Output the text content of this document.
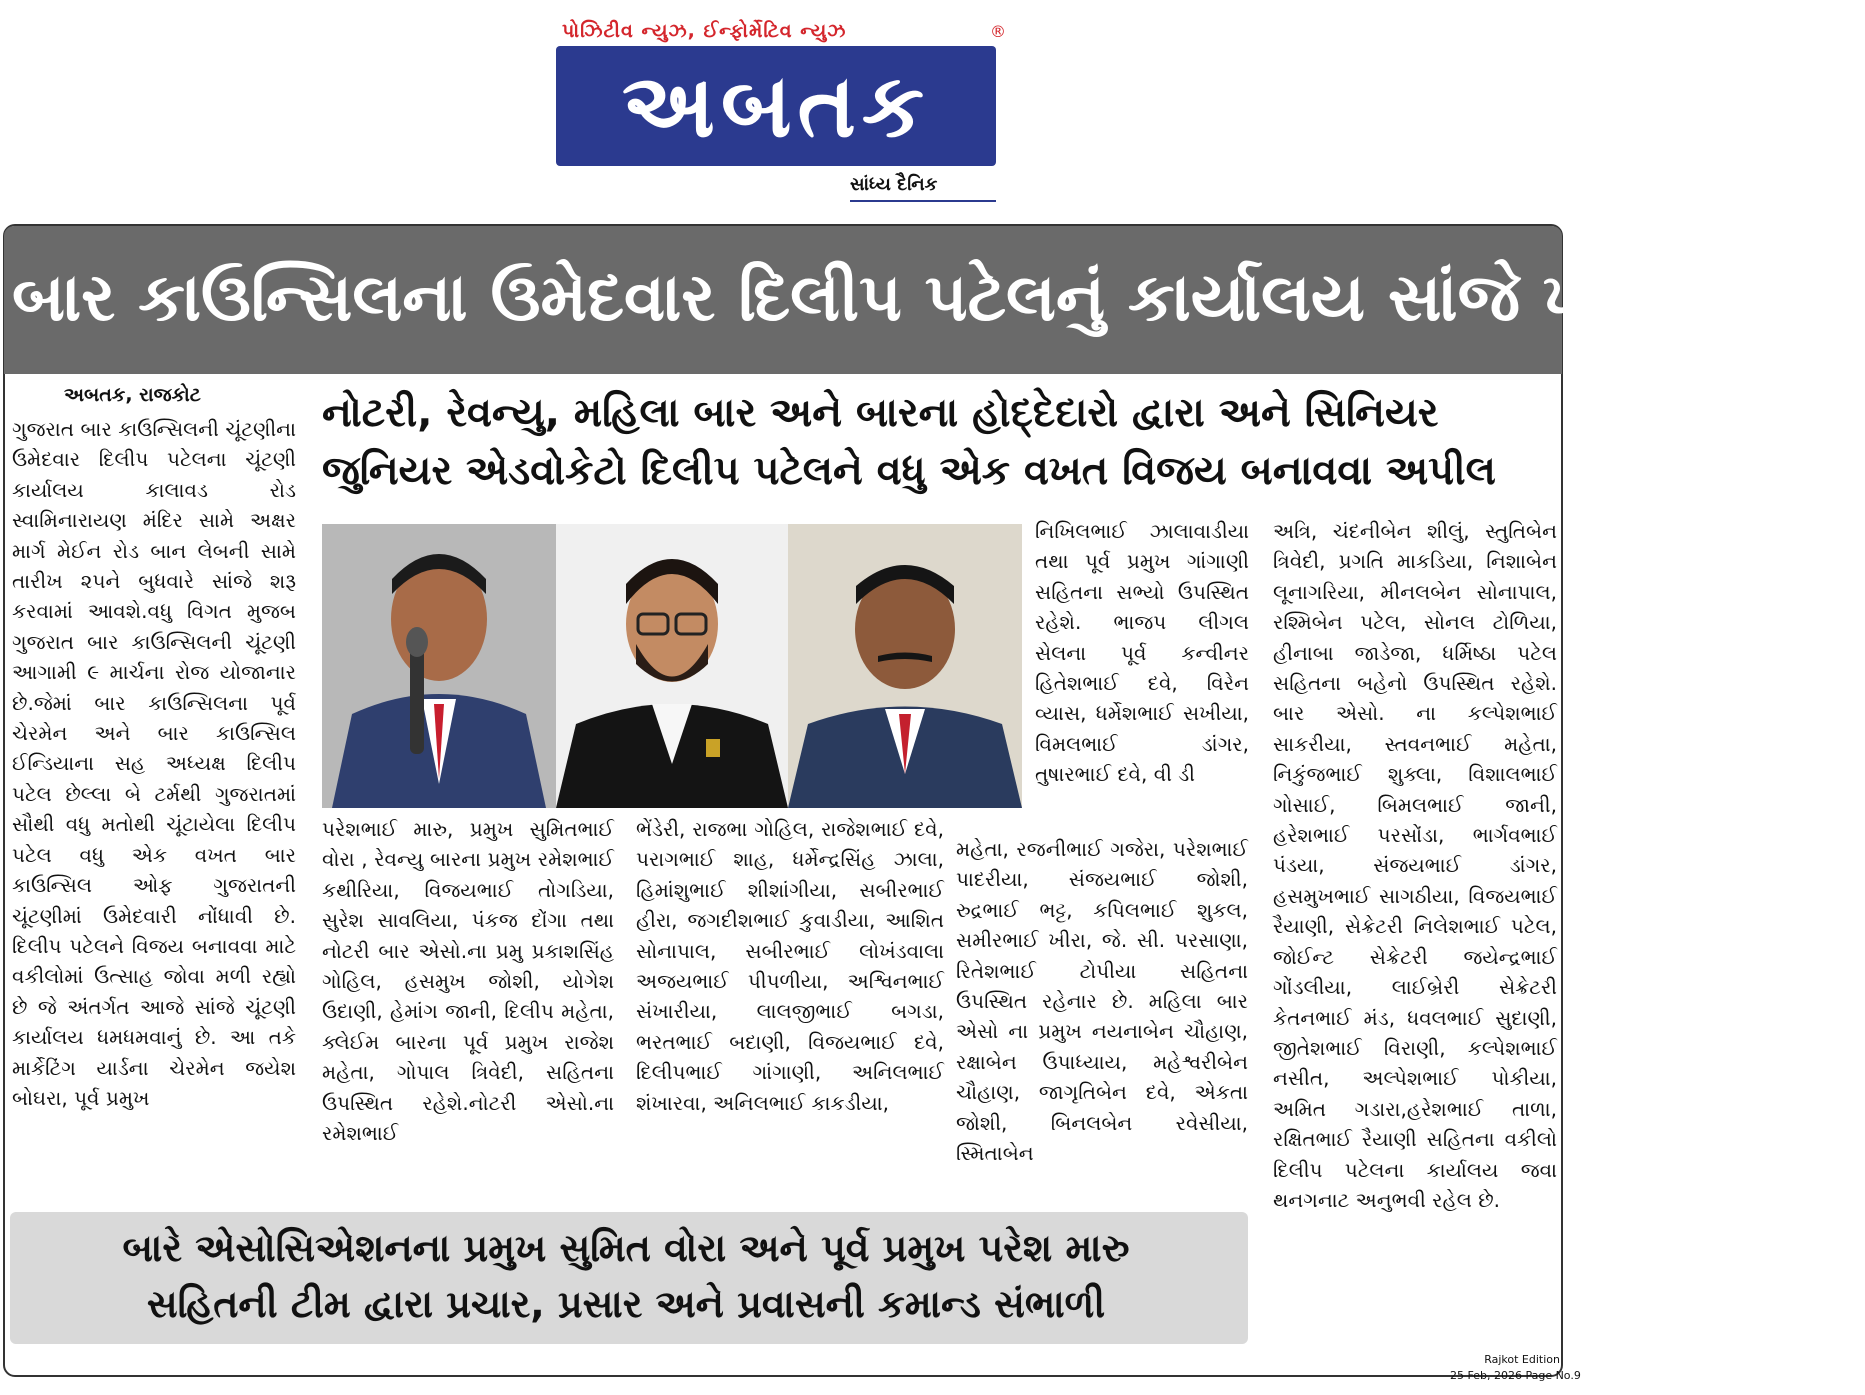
પોઝિટીવ ન્યુઝ, ઈન્ફોર્મેટિવ ન્યુઝ	®
અબતક
સાંધ્ય દૈનિક
બાર કાઉન્સિલના ઉમેદવાર દિલીપ પટેલનું કાર્યાલય સાંજે ખૂલ્લું મુકાશે
અબતક, રાજકોટ	નોટરી, રેવન્યુ, મહિલા બાર અને બારના હોદ્દેદારો દ્વારા અને સિનિયર
જુનિયર એડવોકેટો દિલીપ પટેલને વધુ એક વખત વિજય બનાવવા અપીલ

ગુજરાત બાર કાઉન્સિલની ચૂંટણીના ઉમેદવાર દિલીપ પટેલના ચૂંટણી કાર્યાલય કાલાવડ રોડ સ્વામિનારાયણ મંદિર સામે અક્ષર માર્ગ મેઈન રોડ બાન લેબની સામે તારીખ ૨૫ને બુધવારે સાંજે શરૂ કરવામાં આવશે.વધુ વિગત મુજબ ગુજરાત બાર કાઉન્સિલની ચૂંટણી આગામી ૯ માર્ચના રોજ યોજાનાર છે.જેમાં બાર કાઉન્સિલના પૂર્વ ચેરમેન અને બાર કાઉન્સિલ ઈન્ડિયાના સહ અધ્યક્ષ દિલીપ પટેલ છેલ્લા બે ટર્મથી ગુજરાતમાં સૌથી વધુ મતોથી ચૂંટાયેલા દિલીપ પટેલ વધુ એક વખત બાર કાઉન્સિલ ઓફ ગુજરાતની ચૂંટણીમાં ઉમેદવારી નોંધાવી છે. દિલીપ પટેલને વિજય બનાવવા માટે વકીલોમાં ઉત્સાહ જોવા મળી રહ્યો છે જે અંતર્ગત આજે સાંજે ચૂંટણી કાર્યાલય ધમધમવાનું છે. આ તકે માર્કેટિંગ યાર્ડના ચેરમેન જયેશ બોઘરા, પૂર્વ પ્રમુખ

પરેશભાઈ મારુ, પ્રમુખ સુમિતભાઈ વોરા , રેવન્યુ બારના પ્રમુખ રમેશભાઈ કથીરિયા, વિજયભાઈ તોગડિયા, સુરેશ સાવલિયા, પંકજ દોંગા તથા નોટરી બાર એસો.ના પ્રમુ પ્રકાશસિંહ ગોહિલ, હસમુખ જોશી, યોગેશ ઉદાણી, હેમાંગ જાની, દિલીપ મહેતા, ક્લેઈમ બારના પૂર્વ પ્રમુખ રાજેશ મહેતા, ગોપાલ ત્રિવેદી, સહિતના ઉપસ્થિત રહેશે.નોટરી એસો.ના રમેશભાઈ

ભેંડેરી, રાજભા ગોહિલ, રાજેશભાઈ દવે, પરાગભાઈ શાહ, ધર્મેન્દ્રસિંહ ઝાલા, હિમાંશુભાઈ શીશાંગીયા, સબીરભાઈ હીરા, જગદીશભાઈ કુવાડીયા, આશિત સોનાપાલ, સબીરભાઈ લોખંડવાલા અજયભાઈ પીપળીયા, અશ્વિનભાઈ સંખારીયા, લાલજીભાઈ બગડા, ભરતભાઈ બદાણી, વિજયભાઈ દવે, દિલીપભાઈ ગાંગાણી, અનિલભાઈ શંખારવા, અનિલભાઈ કાકડીયા,

નિખિલભાઈ ઝાલાવાડીયા તથા પૂર્વ પ્રમુખ ગાંગાણી સહિતના સભ્યો ઉપસ્થિત રહેશે. ભાજપ લીગલ સેલના પૂર્વ કન્વીનર હિતેશભાઈ દવે, વિરેન વ્યાસ, ધર્મેશભાઈ સખીયા, વિમલભાઈ ડાંગર, તુષારભાઈ દવે, વી ડી

મહેતા, રજનીભાઈ ગજેરા, પરેશભાઈ પાદરીયા, સંજયભાઈ જોશી, રુદ્રભાઈ ભટ્ટ, કપિલભાઈ શુકલ, સમીરભાઈ ખીરા, જે. સી. પરસાણા, રિતેશભાઈ ટોપીયા સહિતના ઉપસ્થિત રહેનાર છે. મહિલા બાર એસો ના પ્રમુખ નયનાબેન ચૌહાણ, રક્ષાબેન ઉપાધ્યાય, મહેશ્વરીબેન ચૌહાણ, જાગૃતિબેન દવે, એકતા જોશી, બિનલબેન રવેસીયા, સ્મિતાબેન

અત્રિ, ચંદનીબેન શીલું, સ્તુતિબેન ત્રિવેદી, પ્રગતિ માકડિયા, નિશાબેન લૂનાગરિયા, મીનલબેન સોનાપાલ, રશ્મિબેન પટેલ, સોનલ ટોળિયા, હીનાબા જાડેજા, ધર્મિષ્ઠા પટેલ સહિતના બહેનો ઉપસ્થિત રહેશે. બાર એસો. ના કલ્પેશભાઈ સાકરીયા, સ્તવનભાઈ મહેતા, નિકુંજભાઈ શુક્લા, વિશાલભાઈ ગોસાઈ, બિમલભાઈ જાની, હરેશભાઈ પરસોંડા, ભાર્ગવભાઈ પંડયા, સંજયભાઈ ડાંગર, હસમુખભાઈ સાગઠીયા, વિજયભાઈ રૈયાણી, સેક્રેટરી નિલેશભાઈ પટેલ, જોઈન્ટ સેક્રેટરી જયેન્દ્રભાઈ ગોંડલીયા, લાઈબ્રેરી સેક્રેટરી કેતનભાઈ મંડ, ધવલભાઈ સુદાણી, જીતેશભાઈ વિરાણી, કલ્પેશભાઈ નસીત, અલ્પેશભાઈ પોકીયા, અમિત ગડારા,હરેશભાઈ તાળા, રક્ષિતભાઈ રૈયાણી સહિતના વકીલો દિલીપ પટેલના કાર્યાલય જવા થનગનાટ અનુભવી રહેલ છે.

બારે એસોસિએશનના પ્રમુખ સુમિત વોરા અને પૂર્વ પ્રમુખ પરેશ મારુ
સહિતની ટીમ દ્વારા પ્રચાર, પ્રસાર અને પ્રવાસની કમાન્ડ સંભાળી
Rajkot Edition
25 Feb, 2026 Page No.9
